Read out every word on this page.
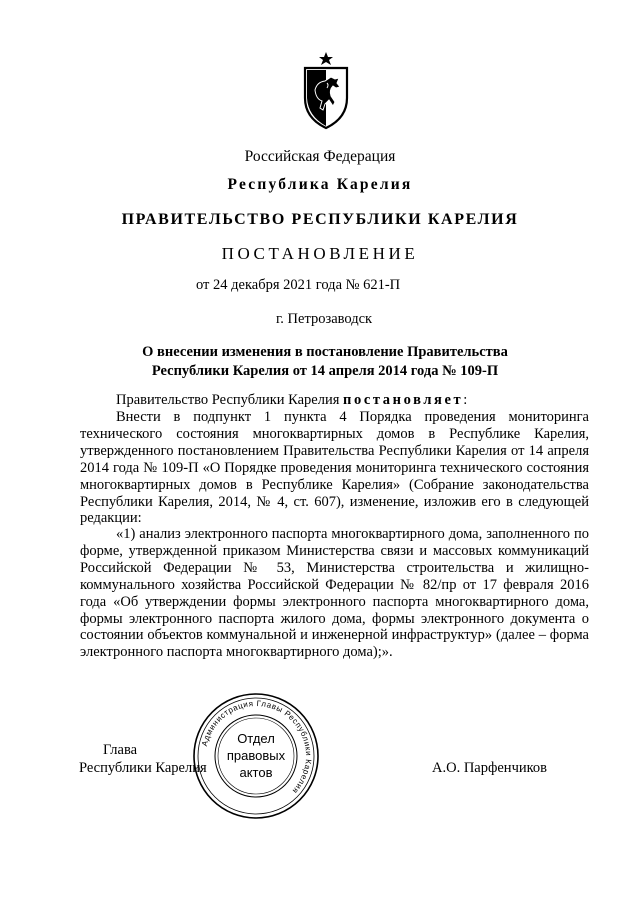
Российская Федерация
Республика Карелия
ПРАВИТЕЛЬСТВО РЕСПУБЛИКИ КАРЕЛИЯ
ПОСТАНОВЛЕНИЕ
от 24 декабря 2021 года № 621-П
г. Петрозаводск
О внесении изменения в постановление Правительства
Республики Карелия от 14 апреля 2014 года № 109-П
Правительство Республики Карелия постановляет:
Внести в подпункт 1 пункта 4 Порядка проведения мониторинга технического состояния многоквартирных домов в Республике Карелия, утвержденного постановлением Правительства Республики Карелия от 14 апреля 2014 года № 109-П «О Порядке проведения мониторинга технического состояния многоквартирных домов в Республике Карелия» (Собрание законодательства Республики Карелия, 2014, № 4, ст. 607), изменение, изложив его в следующей редакции:
«1) анализ электронного паспорта многоквартирного дома, заполненного по форме, утвержденной приказом Министерства связи и массовых коммуникаций Российской Федерации № 53, Министерства строительства и жилищно-коммунального хозяйства Российской Федерации № 82/пр от 17 февраля 2016 года «Об утверждении формы электронного паспорта многоквартирного дома, формы электронного паспорта жилого дома, формы электронного документа о состоянии объектов коммунальной и инженерной инфраструктур» (далее – форма электронного паспорта многоквартирного дома);».
Глава
Республики Карелия	А.О. Парфенчиков
Администрация Главы Республики Карелия
Отдел
правовых
актов
